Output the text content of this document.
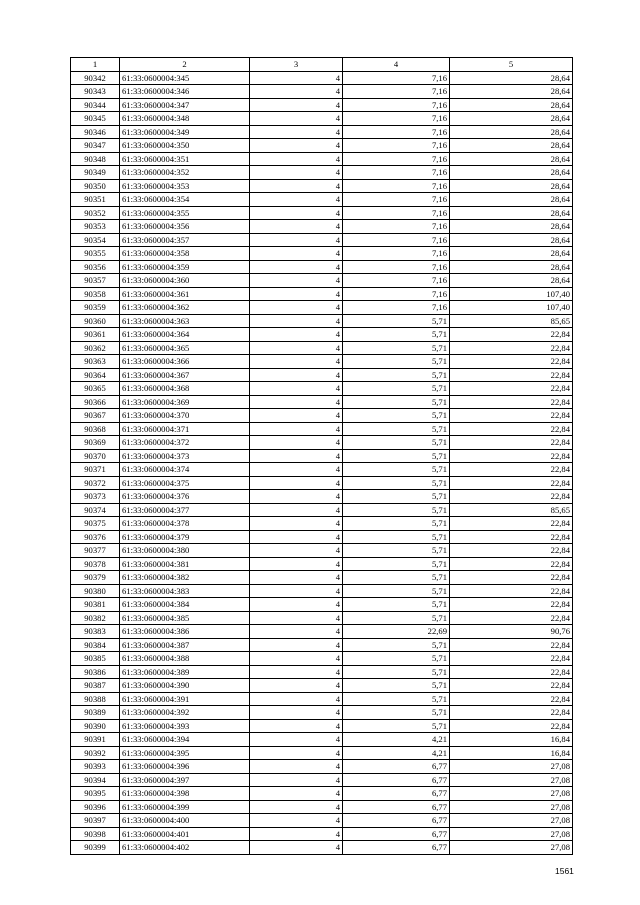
1	2	3	4	5
90342	61:33:0600004:345	4	7,16	28,64
90343	61:33:0600004:346	4	7,16	28,64
90344	61:33:0600004:347	4	7,16	28,64
90345	61:33:0600004:348	4	7,16	28,64
90346	61:33:0600004:349	4	7,16	28,64
90347	61:33:0600004:350	4	7,16	28,64
90348	61:33:0600004:351	4	7,16	28,64
90349	61:33:0600004:352	4	7,16	28,64
90350	61:33:0600004:353	4	7,16	28,64
90351	61:33:0600004:354	4	7,16	28,64
90352	61:33:0600004:355	4	7,16	28,64
90353	61:33:0600004:356	4	7,16	28,64
90354	61:33:0600004:357	4	7,16	28,64
90355	61:33:0600004:358	4	7,16	28,64
90356	61:33:0600004:359	4	7,16	28,64
90357	61:33:0600004:360	4	7,16	28,64
90358	61:33:0600004:361	4	7,16	107,40
90359	61:33:0600004:362	4	7,16	107,40
90360	61:33:0600004:363	4	5,71	85,65
90361	61:33:0600004:364	4	5,71	22,84
90362	61:33:0600004:365	4	5,71	22,84
90363	61:33:0600004:366	4	5,71	22,84
90364	61:33:0600004:367	4	5,71	22,84
90365	61:33:0600004:368	4	5,71	22,84
90366	61:33:0600004:369	4	5,71	22,84
90367	61:33:0600004:370	4	5,71	22,84
90368	61:33:0600004:371	4	5,71	22,84
90369	61:33:0600004:372	4	5,71	22,84
90370	61:33:0600004:373	4	5,71	22,84
90371	61:33:0600004:374	4	5,71	22,84
90372	61:33:0600004:375	4	5,71	22,84
90373	61:33:0600004:376	4	5,71	22,84
90374	61:33:0600004:377	4	5,71	85,65
90375	61:33:0600004:378	4	5,71	22,84
90376	61:33:0600004:379	4	5,71	22,84
90377	61:33:0600004:380	4	5,71	22,84
90378	61:33:0600004:381	4	5,71	22,84
90379	61:33:0600004:382	4	5,71	22,84
90380	61:33:0600004:383	4	5,71	22,84
90381	61:33:0600004:384	4	5,71	22,84
90382	61:33:0600004:385	4	5,71	22,84
90383	61:33:0600004:386	4	22,69	90,76
90384	61:33:0600004:387	4	5,71	22,84
90385	61:33:0600004:388	4	5,71	22,84
90386	61:33:0600004:389	4	5,71	22,84
90387	61:33:0600004:390	4	5,71	22,84
90388	61:33:0600004:391	4	5,71	22,84
90389	61:33:0600004:392	4	5,71	22,84
90390	61:33:0600004:393	4	5,71	22,84
90391	61:33:0600004:394	4	4,21	16,84
90392	61:33:0600004:395	4	4,21	16,84
90393	61:33:0600004:396	4	6,77	27,08
90394	61:33:0600004:397	4	6,77	27,08
90395	61:33:0600004:398	4	6,77	27,08
90396	61:33:0600004:399	4	6,77	27,08
90397	61:33:0600004:400	4	6,77	27,08
90398	61:33:0600004:401	4	6,77	27,08
90399	61:33:0600004:402	4	6,77	27,08
1561
